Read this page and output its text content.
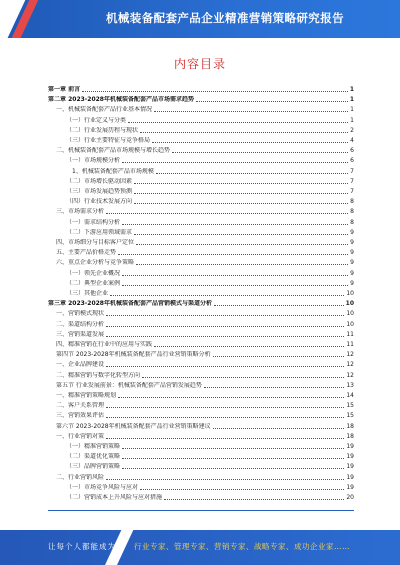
机械装备配套产品企业精准营销策略研究报告
内容目录
第一章 前言	1
第二章 2023-2028年机械装备配套产品市场需求趋势	1
一、机械装备配套产品行业基本情况	1
（一）行业定义与分类	1
（二）行业发展历程与现状	2
（三）行业主要特征与竞争格局	4
二、机械装备配套产品市场规模与增长趋势	6
（一）市场规模分析	6
1、机械装备配套产品市场规模	7
（二）市场增长驱动因素	7
（三）市场发展趋势预测	7
（四）行业技术发展方向	8
三、市场需求分析	8
（一）需求结构分析	8
（二）下游应用领域需求	9
四、市场细分与目标客户定位	9
五、主要产品价格走势	9
六、重点企业分析与竞争策略	9
（一）领先企业概况	9
（二）典型企业案例	9
（三）其他企业	10
第三章 2023-2028年机械装备配套产品营销模式与渠道分析	10
一、营销模式现状	10
二、渠道结构分析	10
三、营销渠道发展	11
四、精准营销在行业中的应用与实践	11
第四节 2023-2028年机械装备配套产品行业营销策略分析	12
一、企业品牌建设	12
二、精准营销与数字化转型方向	12
第五节 行业发展前景：机械装备配套产品营销发展趋势	13
一、精准营销策略规划	14
二、客户关系管理	15
三、营销效果评估	15
第六节 2023-2028年机械装备配套产品行业营销策略建议	18
一、行业营销对策	18
（一）精准营销策略	19
（二）渠道优化策略	19
（三）品牌营销策略	19
二、行业营销风险	19
（一）市场竞争风险与应对	19
（二）营销成本上升风险与应对措施	20
让每个人都能成为 行业专家、管理专家、营销专家、战略专家、成功企业家……
